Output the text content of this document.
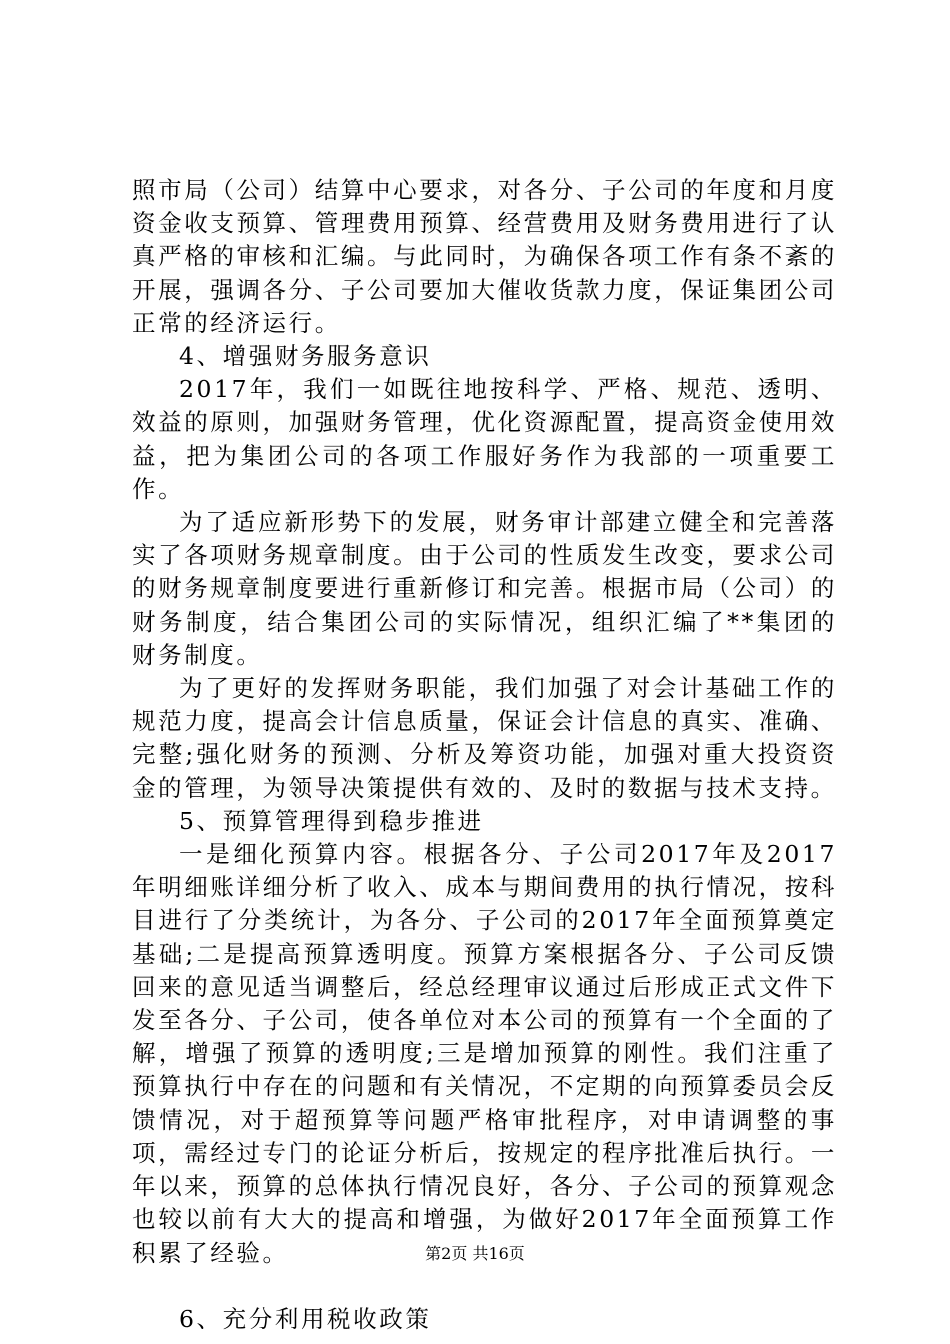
照市局（公司）结算中心要求，对各分、子公司的年度和月度资金收支预算、管理费用预算、经营费用及财务费用进行了认真严格的审核和汇编。与此同时，为确保各项工作有条不紊的开展，强调各分、子公司要加大催收货款力度，保证集团公司正常的经济运行。

4、增强财务服务意识

2017年，我们一如既往地按科学、严格、规范、透明、效益的原则，加强财务管理，优化资源配置，提高资金使用效益，把为集团公司的各项工作服好务作为我部的一项重要工作。

为了适应新形势下的发展，财务审计部建立健全和完善落实了各项财务规章制度。由于公司的性质发生改变，要求公司的财务规章制度要进行重新修订和完善。根据市局（公司）的财务制度，结合集团公司的实际情况，组织汇编了**集团的财务制度。

为了更好的发挥财务职能，我们加强了对会计基础工作的规范力度，提高会计信息质量，保证会计信息的真实、准确、完整;强化财务的预测、分析及筹资功能，加强对重大投资资金的管理，为领导决策提供有效的、及时的数据与技术支持。

5、预算管理得到稳步推进

一是细化预算内容。根据各分、子公司2017年及2017年明细账详细分析了收入、成本与期间费用的执行情况，按科目进行了分类统计，为各分、子公司的2017年全面预算奠定基础;二是提高预算透明度。预算方案根据各分、子公司反馈回来的意见适当调整后，经总经理审议通过后形成正式文件下发至各分、子公司，使各单位对本公司的预算有一个全面的了解，增强了预算的透明度;三是增加预算的刚性。我们注重了预算执行中存在的问题和有关情况，不定期的向预算委员会反馈情况，对于超预算等问题严格审批程序，对申请调整的事项，需经过专门的论证分析后，按规定的程序批准后执行。一年以来，预算的总体执行情况良好，各分、子公司的预算观念也较以前有大大的提高和增强，为做好2017年全面预算工作积累了经验。

6、充分利用税收政策

第2页 共16页
